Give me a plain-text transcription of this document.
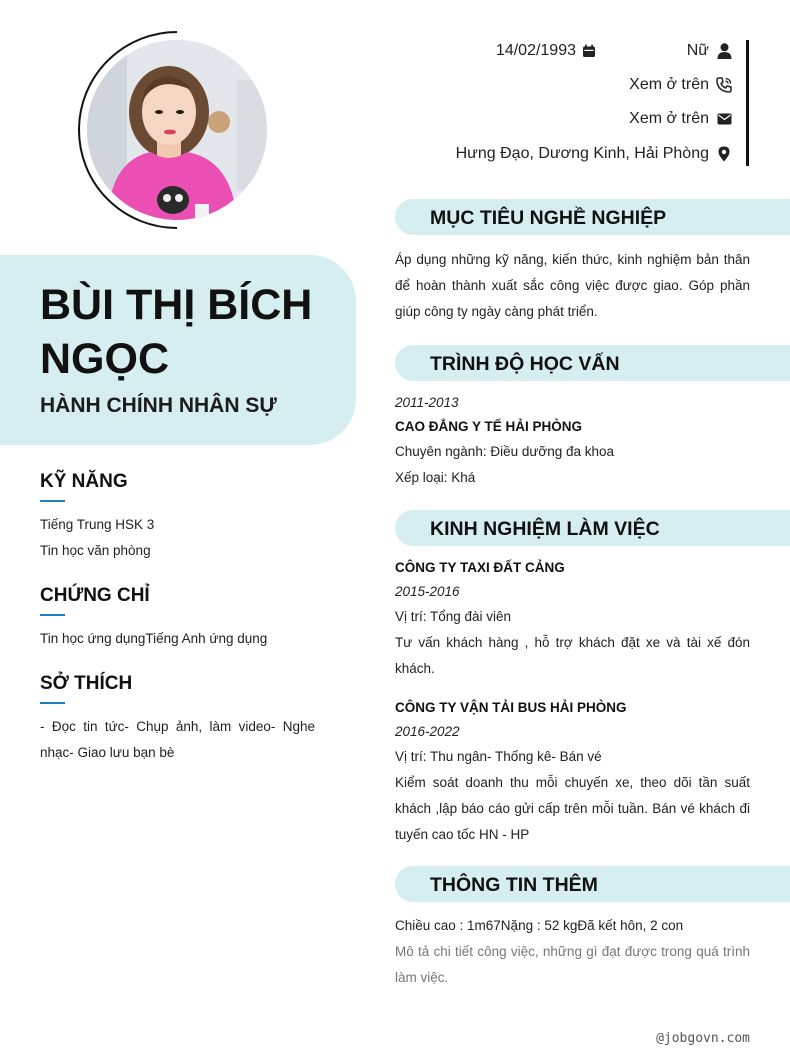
BÙI THỊ BÍCH NGỌC
HÀNH CHÍNH NHÂN SỰ
14/02/1993	Nữ
Xem ở trên
Xem ở trên
Hưng Đạo, Dương Kinh, Hải Phòng
KỸ NĂNG

Tiếng Trung HSK 3

Tin học văn phòng

CHỨNG CHỈ

Tin học ứng dụngTiếng Anh ứng dụng

SỞ THÍCH

- Đọc tin tức- Chụp ảnh, làm video- Nghe nhạc- Giao lưu bạn bè

MỤC TIÊU NGHỀ NGHIỆP

Áp dụng những kỹ năng, kiến thức, kinh nghiệm bản thân để hoàn thành xuất sắc công việc được giao. Góp phần giúp công ty ngày càng phát triển.

TRÌNH ĐỘ HỌC VẤN

2011-2013

CAO ĐẲNG Y TẾ HẢI PHÒNG

Chuyên ngành: Điều dưỡng đa khoa

Xếp loại: Khá

KINH NGHIỆM LÀM VIỆC

CÔNG TY TAXI ĐẤT CẢNG

2015-2016

Vị trí: Tổng đài viên

Tư vấn khách hàng , hỗ trợ khách đặt xe và tài xế đón khách.

CÔNG TY VẬN TẢI BUS HẢI PHÒNG

2016-2022

Vị trí: Thu ngân- Thống kê- Bán vé

Kiểm soát doanh thu mỗi chuyến xe, theo dõi tần suất khách ,lập báo cáo gửi cấp trên mỗi tuần. Bán vé khách đi tuyến cao tốc HN - HP

THÔNG TIN THÊM

Chiều cao : 1m67Nặng : 52 kgĐã kết hôn, 2 con

Mô tả chi tiết công việc, những gì đạt được trong quá trình làm việc.

@jobgovn.com
